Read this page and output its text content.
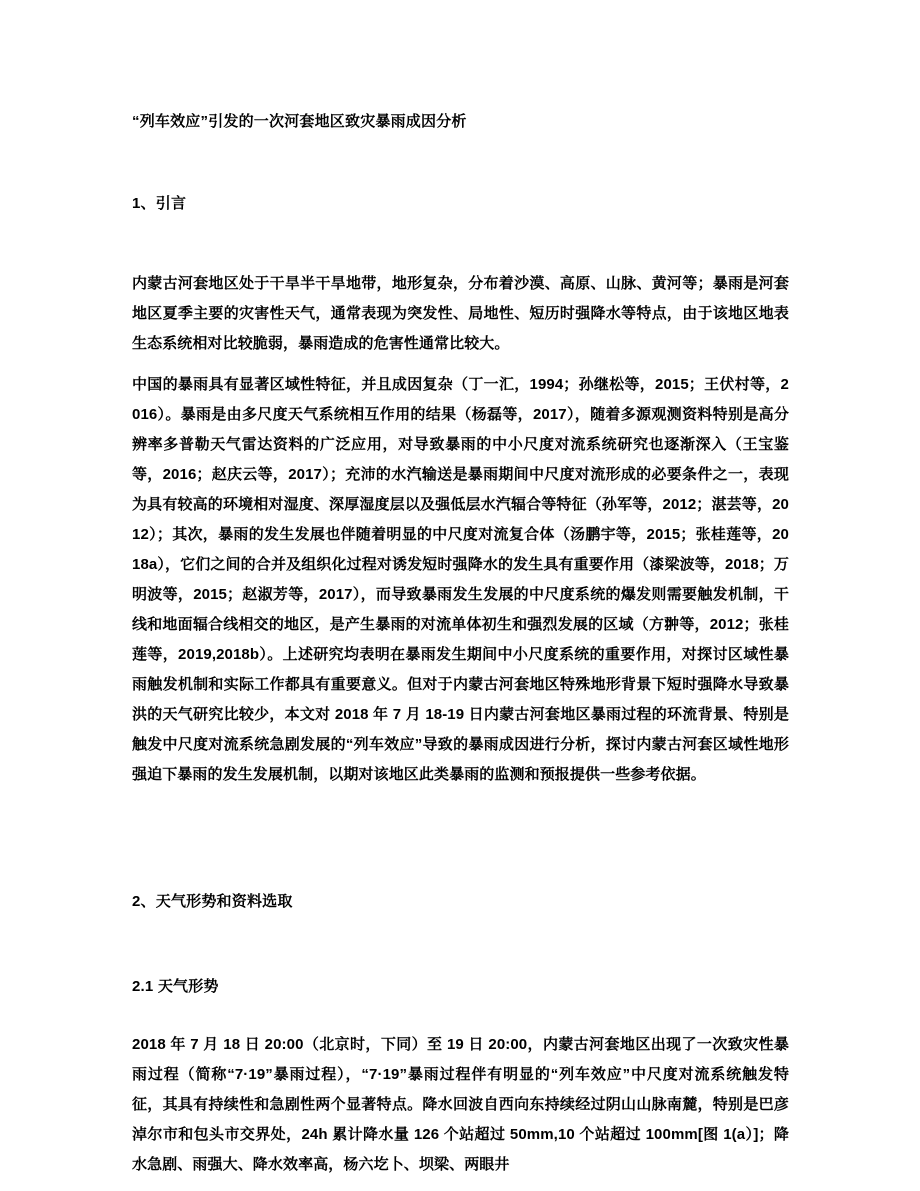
“列车效应”引发的一次河套地区致灾暴雨成因分析
1、引言
内蒙古河套地区处于干旱半干旱地带，地形复杂，分布着沙漠、高原、山脉、黄河等；暴雨是河套地区夏季主要的灾害性天气，通常表现为突发性、局地性、短历时强降水等特点，由于该地区地表生态系统相对比较脆弱，暴雨造成的危害性通常比较大。
中国的暴雨具有显著区域性特征，并且成因复杂（丁一汇，1994；孙继松等，2015；王伏村等，2016）。暴雨是由多尺度天气系统相互作用的结果（杨磊等，2017），随着多源观测资料特别是高分辨率多普勒天气雷达资料的广泛应用，对导致暴雨的中小尺度对流系统研究也逐渐深入（王宝鉴等，2016；赵庆云等，2017）；充沛的水汽输送是暴雨期间中尺度对流形成的必要条件之一，表现为具有较高的环境相对湿度、深厚湿度层以及强低层水汽辐合等特征（孙军等，2012；湛芸等，2012）；其次，暴雨的发生发展也伴随着明显的中尺度对流复合体（汤鹏宇等，2015；张桂莲等，2018a），它们之间的合并及组织化过程对诱发短时强降水的发生具有重要作用（漆梁波等，2018；万明波等，2015；赵淑芳等，2017），而导致暴雨发生发展的中尺度系统的爆发则需要触发机制，干线和地面辐合线相交的地区，是产生暴雨的对流单体初生和强烈发展的区域（方翀等，2012；张桂莲等，2019,2018b）。上述研究均表明在暴雨发生期间中小尺度系统的重要作用，对探讨区域性暴雨触发机制和实际工作都具有重要意义。但对于内蒙古河套地区特殊地形背景下短时强降水导致暴洪的天气研究比较少，本文对 2018 年 7 月 18-19 日内蒙古河套地区暴雨过程的环流背景、特别是触发中尺度对流系统急剧发展的“列车效应”导致的暴雨成因进行分析，探讨内蒙古河套区域性地形强迫下暴雨的发生发展机制，以期对该地区此类暴雨的监测和预报提供一些参考依据。
2、天气形势和资料选取
2.1 天气形势
2018 年 7 月 18 日 20:00（北京时，下同）至 19 日 20:00，内蒙古河套地区出现了一次致灾性暴雨过程（简称“7·19”暴雨过程），“7·19”暴雨过程伴有明显的“列车效应”中尺度对流系统触发特征，其具有持续性和急剧性两个显著特点。降水回波自西向东持续经过阴山山脉南麓，特别是巴彦淖尔市和包头市交界处，24h 累计降水量 126 个站超过 50mm,10 个站超过 100mm[图 1(a）]；降水急剧、雨强大、降水效率高，杨六圪卜、坝梁、两眼井
